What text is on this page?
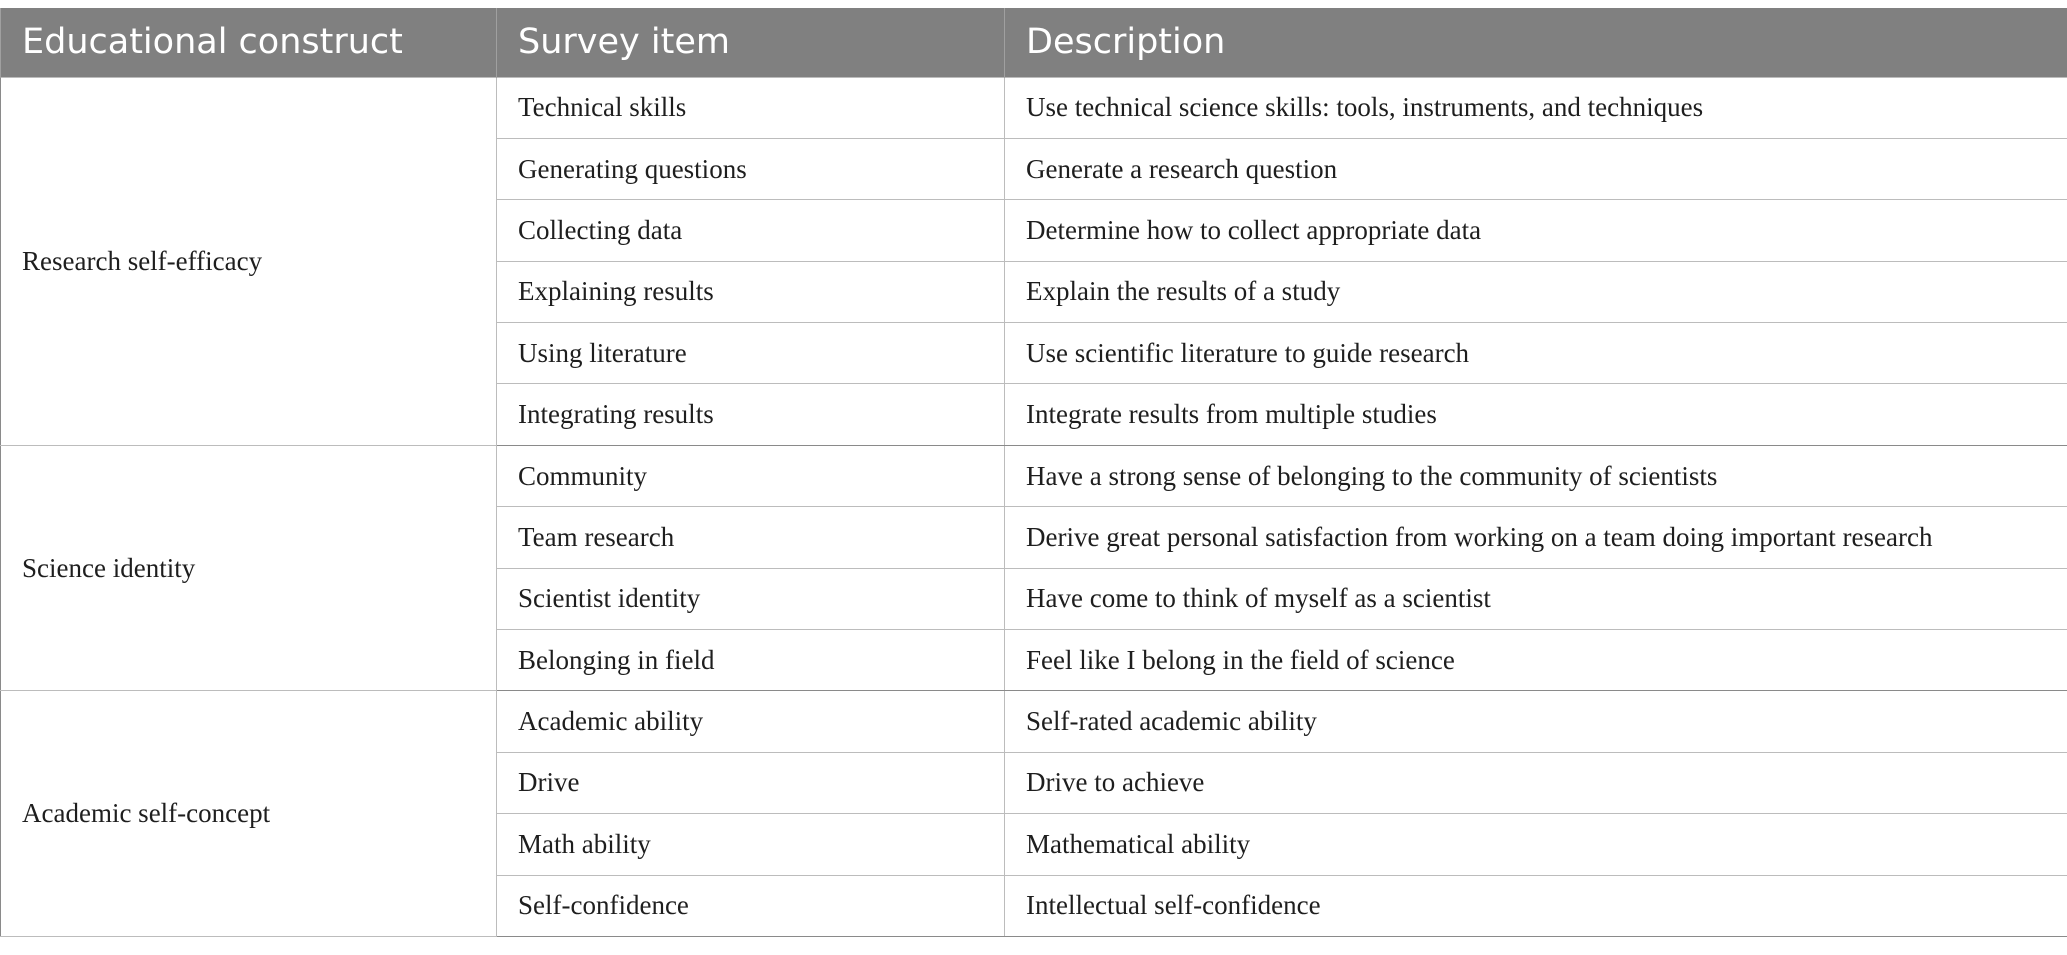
Educational construct	Survey item	Description
Research self-efficacy	Technical skills	Use technical science skills: tools, instruments, and techniques
	Generating questions	Generate a research question
	Collecting data	Determine how to collect appropriate data
	Explaining results	Explain the results of a study
	Using literature	Use scientific literature to guide research
	Integrating results	Integrate results from multiple studies
Science identity	Community	Have a strong sense of belonging to the community of scientists
	Team research	Derive great personal satisfaction from working on a team doing important research
	Scientist identity	Have come to think of myself as a scientist
	Belonging in field	Feel like I belong in the field of science
Academic self-concept	Academic ability	Self-rated academic ability
	Drive	Drive to achieve
	Math ability	Mathematical ability
	Self-confidence	Intellectual self-confidence
